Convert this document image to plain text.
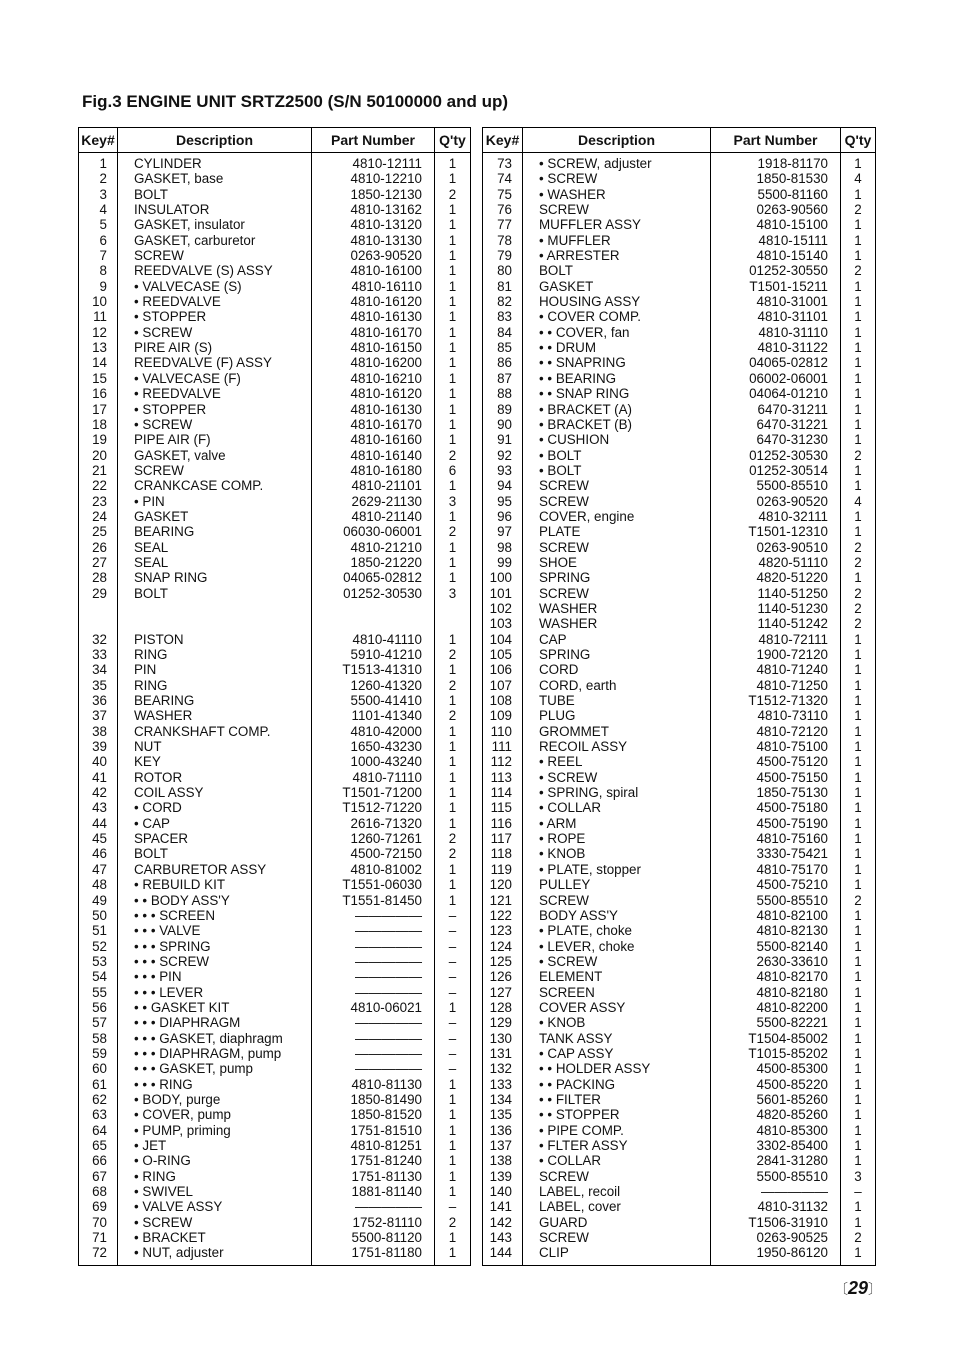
Fig.3 ENGINE UNIT SRTZ2500 (S/N 50100000 and up)
Key#	Description	Part Number	Q'ty
1	CYLINDER	4810-12111	1
2	GASKET, base	4810-12210	1
3	BOLT	1850-12130	2
4	INSULATOR	4810-13162	1
5	GASKET, insulator	4810-13120	1
6	GASKET, carburetor	4810-13130	1
7	SCREW	0263-90520	1
8	REEDVALVE (S) ASSY	4810-16100	1
9	• VALVECASE (S)	4810-16110	1
10	• REEDVALVE	4810-16120	1
11	• STOPPER	4810-16130	1
12	• SCREW	4810-16170	1
13	PIRE AIR (S)	4810-16150	1
14	REEDVALVE (F) ASSY	4810-16200	1
15	• VALVECASE (F)	4810-16210	1
16	• REEDVALVE	4810-16120	1
17	• STOPPER	4810-16130	1
18	• SCREW	4810-16170	1
19	PIPE AIR (F)	4810-16160	1
20	GASKET, valve	4810-16140	2
21	SCREW	4810-16180	6
22	CRANKCASE COMP.	4810-21101	1
23	• PIN	2629-21130	3
24	GASKET	4810-21140	1
25	BEARING	06030-06001	2
26	SEAL	4810-21210	1
27	SEAL	1850-21220	1
28	SNAP RING	04065-02812	1
29	BOLT	01252-30530	3

32	PISTON	4810-41110	1
33	RING	5910-41210	2
34	PIN	T1513-41310	1
35	RING	1260-41320	2
36	BEARING	5500-41410	1
37	WASHER	1101-41340	2
38	CRANKSHAFT COMP.	4810-42000	1
39	NUT	1650-43230	1
40	KEY	1000-43240	1
41	ROTOR	4810-71110	1
42	COIL ASSY	T1501-71200	1
43	• CORD	T1512-71220	1
44	• CAP	2616-71320	1
45	SPACER	1260-71261	2
46	BOLT	4500-72150	2
47	CARBURETOR ASSY	4810-81002	1
48	• REBUILD KIT	T1551-06030	1
49	• • BODY ASS'Y	T1551-81450	1
50	• • • SCREEN	—————	–
51	• • • VALVE	—————	–
52	• • • SPRING	—————	–
53	• • • SCREW	—————	–
54	• • • PIN	—————	–
55	• • • LEVER	—————	–
56	• • GASKET KIT	4810-06021	1
57	• • • DIAPHRAGM	—————	–
58	• • • GASKET, diaphragm	—————	–
59	• • • DIAPHRAGM, pump	—————	–
60	• • • GASKET, pump	—————	–
61	• • • RING	4810-81130	1
62	• BODY, purge	1850-81490	1
63	• COVER, pump	1850-81520	1
64	• PUMP, priming	1751-81510	1
65	• JET	4810-81251	1
66	• O-RING	1751-81240	1
67	• RING	1751-81130	1
68	• SWIVEL	1881-81140	1
69	• VALVE ASSY	—————	–
70	• SCREW	1752-81110	2
71	• BRACKET	5500-81120	1
72	• NUT, adjuster	1751-81180	1
Key#	Description	Part Number	Q'ty
73	• SCREW, adjuster	1918-81170	1
74	• SCREW	1850-81530	4
75	• WASHER	5500-81160	1
76	SCREW	0263-90560	2
77	MUFFLER ASSY	4810-15100	1
78	• MUFFLER	4810-15111	1
79	• ARRESTER	4810-15140	1
80	BOLT	01252-30550	2
81	GASKET	T1501-15211	1
82	HOUSING ASSY	4810-31001	1
83	• COVER COMP.	4810-31101	1
84	• • COVER, fan	4810-31110	1
85	• • DRUM	4810-31122	1
86	• • SNAPRING	04065-02812	1
87	• • BEARING	06002-06001	1
88	• • SNAP RING	04064-01210	1
89	• BRACKET (A)	6470-31211	1
90	• BRACKET (B)	6470-31221	1
91	• CUSHION	6470-31230	1
92	• BOLT	01252-30530	2
93	• BOLT	01252-30514	1
94	SCREW	5500-85510	1
95	SCREW	0263-90520	4
96	COVER, engine	4810-32111	1
97	PLATE	T1501-12310	1
98	SCREW	0263-90510	2
99	SHOE	4820-51110	2
100	SPRING	4820-51220	1
101	SCREW	1140-51250	2
102	WASHER	1140-51230	2
103	WASHER	1140-51242	2
104	CAP	4810-72111	1
105	SPRING	1900-72120	1
106	CORD	4810-71240	1
107	CORD, earth	4810-71250	1
108	TUBE	T1512-71320	1
109	PLUG	4810-73110	1
110	GROMMET	4810-72120	1
111	RECOIL ASSY	4810-75100	1
112	• REEL	4500-75120	1
113	• SCREW	4500-75150	1
114	• SPRING, spiral	1850-75130	1
115	• COLLAR	4500-75180	1
116	• ARM	4500-75190	1
117	• ROPE	4810-75160	1
118	• KNOB	3330-75421	1
119	• PLATE, stopper	4810-75170	1
120	PULLEY	4500-75210	1
121	SCREW	5500-85510	2
122	BODY ASS'Y	4810-82100	1
123	• PLATE, choke	4810-82130	1
124	• LEVER, choke	5500-82140	1
125	• SCREW	2630-33610	1
126	ELEMENT	4810-82170	1
127	SCREEN	4810-82180	1
128	COVER ASSY	4810-82200	1
129	• KNOB	5500-82221	1
130	TANK ASSY	T1504-85002	1
131	• CAP ASSY	T1015-85202	1
132	• • HOLDER ASSY	4500-85300	1
133	• • PACKING	4500-85220	1
134	• • FILTER	5601-85260	1
135	• • STOPPER	4820-85260	1
136	• PIPE COMP.	4810-85300	1
137	• FLTER ASSY	3302-85400	1
138	• COLLAR	2841-31280	1
139	SCREW	5500-85510	3
140	LABEL, recoil	—————	–
141	LABEL, cover	4810-31132	1
142	GUARD	T1506-31910	1
143	SCREW	0263-90525	2
144	CLIP	1950-86120	1
〔29〕
